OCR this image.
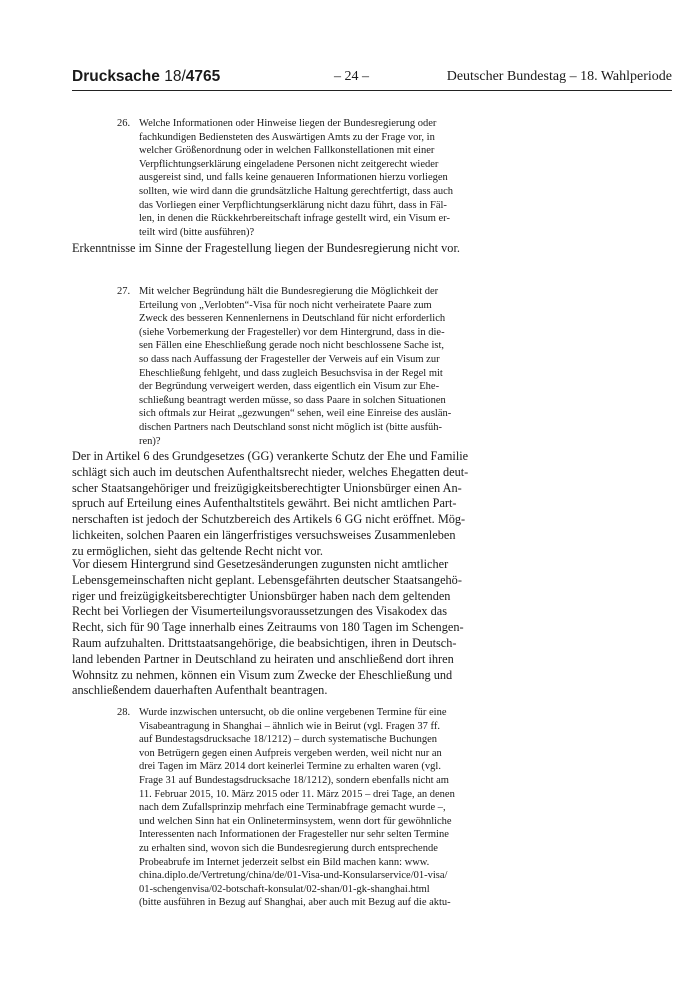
Drucksache 18/4765	– 24 –	Deutscher Bundestag – 18. Wahlperiode
26. Welche Informationen oder Hinweise liegen der Bundesregierung oder
fachkundigen Bediensteten des Auswärtigen Amts zu der Frage vor, in
welcher Größenordnung oder in welchen Fallkonstellationen mit einer
Verpflichtungserklärung eingeladene Personen nicht zeitgerecht wieder
ausgereist sind, und falls keine genaueren Informationen hierzu vorliegen
sollten, wie wird dann die grundsätzliche Haltung gerechtfertigt, dass auch
das Vorliegen einer Verpflichtungserklärung nicht dazu führt, dass in Fäl-
len, in denen die Rückkehrbereitschaft infrage gestellt wird, ein Visum er-
teilt wird (bitte ausführen)?
Erkenntnisse im Sinne der Fragestellung liegen der Bundesregierung nicht vor.
27. Mit welcher Begründung hält die Bundesregierung die Möglichkeit der
Erteilung von „Verlobten“-Visa für noch nicht verheiratete Paare zum
Zweck des besseren Kennenlernens in Deutschland für nicht erforderlich
(siehe Vorbemerkung der Fragesteller) vor dem Hintergrund, dass in die-
sen Fällen eine Eheschließung gerade noch nicht beschlossene Sache ist,
so dass nach Auffassung der Fragesteller der Verweis auf ein Visum zur
Eheschließung fehlgeht, und dass zugleich Besuchsvisa in der Regel mit
der Begründung verweigert werden, dass eigentlich ein Visum zur Ehe-
schließung beantragt werden müsse, so dass Paare in solchen Situationen
sich oftmals zur Heirat „gezwungen“ sehen, weil eine Einreise des auslän-
dischen Partners nach Deutschland sonst nicht möglich ist (bitte ausfüh-
ren)?
Der in Artikel 6 des Grundgesetzes (GG) verankerte Schutz der Ehe und Familie
schlägt sich auch im deutschen Aufenthaltsrecht nieder, welches Ehegatten deut-
scher Staatsangehöriger und freizügigkeitsberechtigter Unionsbürger einen An-
spruch auf Erteilung eines Aufenthaltstitels gewährt. Bei nicht amtlichen Part-
nerschaften ist jedoch der Schutzbereich des Artikels 6 GG nicht eröffnet. Mög-
lichkeiten, solchen Paaren ein längerfristiges versuchsweises Zusammenleben
zu ermöglichen, sieht das geltende Recht nicht vor.
Vor diesem Hintergrund sind Gesetzesänderungen zugunsten nicht amtlicher
Lebensgemeinschaften nicht geplant. Lebensgefährten deutscher Staatsangehö-
riger und freizügigkeitsberechtigter Unionsbürger haben nach dem geltenden
Recht bei Vorliegen der Visumerteilungsvoraussetzungen des Visakodex das
Recht, sich für 90 Tage innerhalb eines Zeitraums von 180 Tagen im Schengen-
Raum aufzuhalten. Drittstaatsangehörige, die beabsichtigen, ihren in Deutsch-
land lebenden Partner in Deutschland zu heiraten und anschließend dort ihren
Wohnsitz zu nehmen, können ein Visum zum Zwecke der Eheschließung und
anschließendem dauerhaften Aufenthalt beantragen.
28. Wurde inzwischen untersucht, ob die online vergebenen Termine für eine
Visabeantragung in Shanghai – ähnlich wie in Beirut (vgl. Fragen 37 ff.
auf Bundestagsdrucksache 18/1212) – durch systematische Buchungen
von Betrügern gegen einen Aufpreis vergeben werden, weil nicht nur an
drei Tagen im März 2014 dort keinerlei Termine zu erhalten waren (vgl.
Frage 31 auf Bundestagsdrucksache 18/1212), sondern ebenfalls nicht am
11. Februar 2015, 10. März 2015 oder 11. März 2015 – drei Tage, an denen
nach dem Zufallsprinzip mehrfach eine Terminabfrage gemacht wurde –,
und welchen Sinn hat ein Onlineterminsystem, wenn dort für gewöhnliche
Interessenten nach Informationen der Fragesteller nur sehr selten Termine
zu erhalten sind, wovon sich die Bundesregierung durch entsprechende
Probeabrufe im Internet jederzeit selbst ein Bild machen kann: www.
china.diplo.de/Vertretung/china/de/01-Visa-und-Konsularservice/01-visa/
01-schengenvisa/02-botschaft-konsulat/02-shan/01-gk-shanghai.html
(bitte ausführen in Bezug auf Shanghai, aber auch mit Bezug auf die aktu-
